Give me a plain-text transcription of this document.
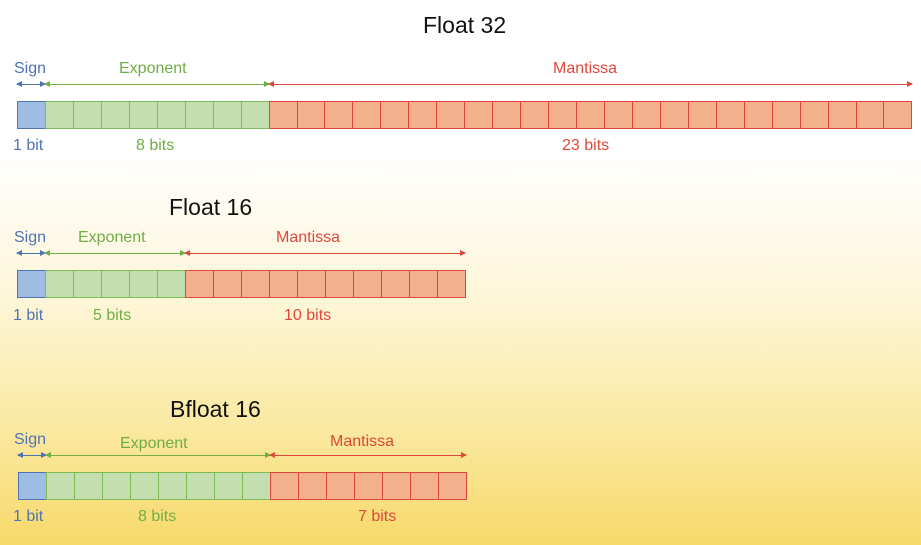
Float 32
Sign	Exponent	Mantissa
1 bit	8 bits	23 bits
Float 16
Sign Exponent	Mantissa
1 bit	5 bits	10 bits
Bfloat 16
Sign	Exponent	Mantissa
1 bit	8 bits	7 bits
